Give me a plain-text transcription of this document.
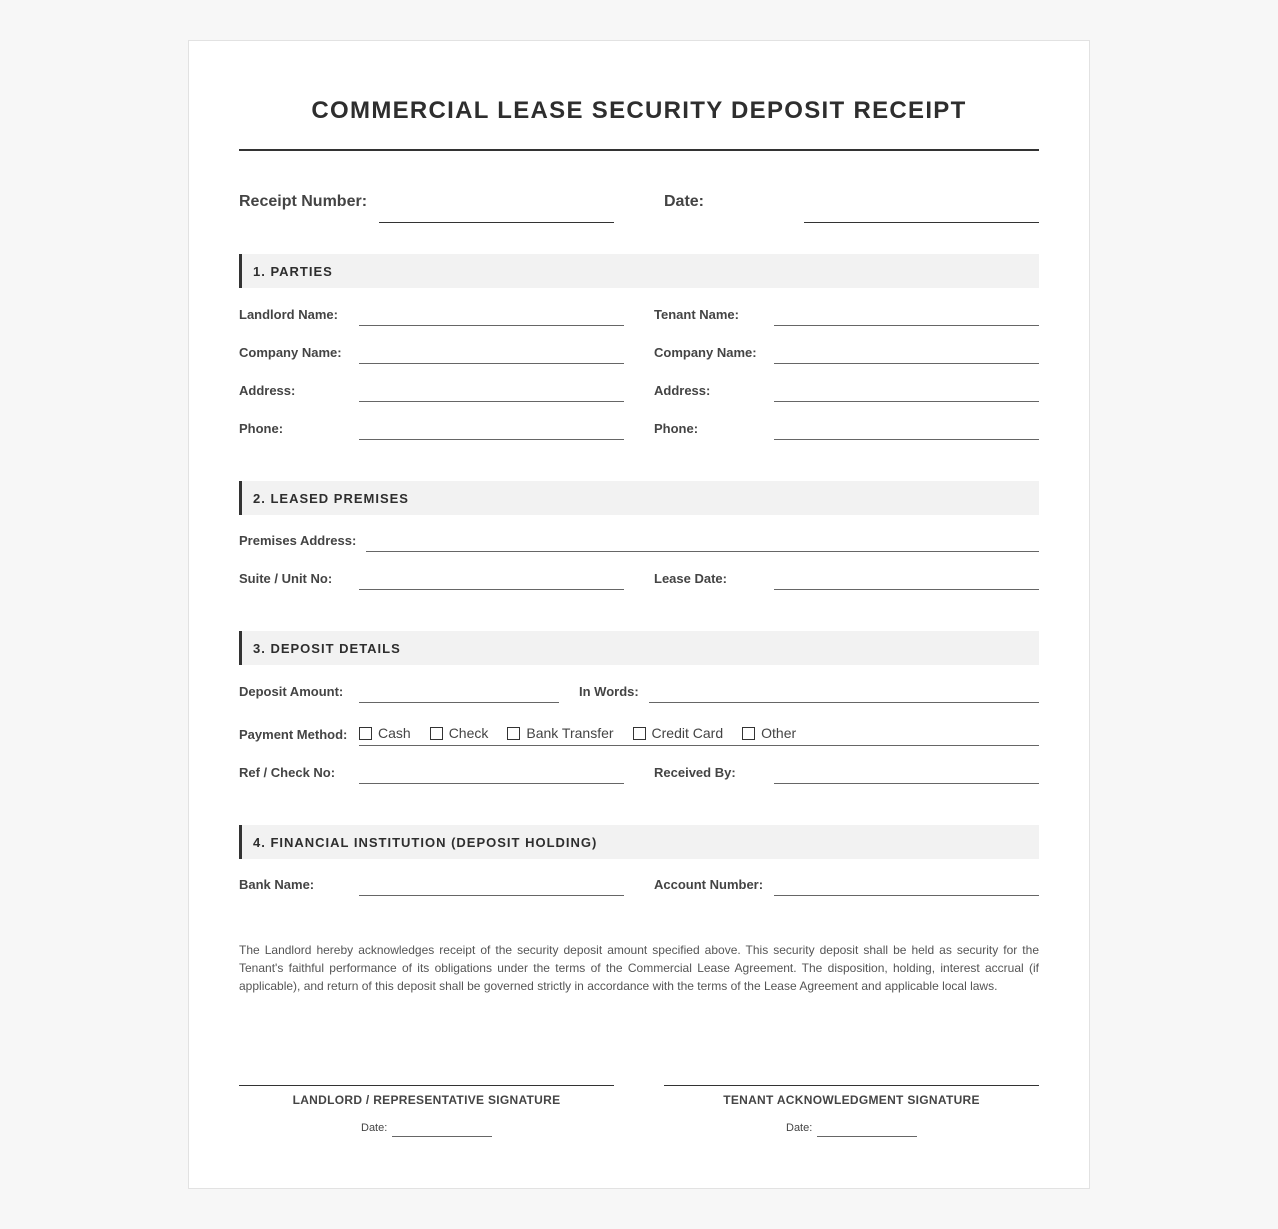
COMMERCIAL LEASE SECURITY DEPOSIT RECEIPT
Receipt Number:	Date:
1. PARTIES
Landlord Name:	Tenant Name:
Company Name:	Company Name:
Address:	Address:
Phone:	Phone:
2. LEASED PREMISES
Premises Address:
Suite / Unit No:	Lease Date:
3. DEPOSIT DETAILS
Deposit Amount:	In Words:
Payment Method: Cash	Check	Bank Transfer	Credit Card	Other
Ref / Check No:	Received By:
4. FINANCIAL INSTITUTION (DEPOSIT HOLDING)
Bank Name:	Account Number:
The Landlord hereby acknowledges receipt of the security deposit amount specified above. This security deposit shall be held as security for the Tenant's faithful performance of its obligations under the terms of the Commercial Lease Agreement. The disposition, holding, interest accrual (if applicable), and return of this deposit shall be governed strictly in accordance with the terms of the Lease Agreement and applicable local laws.
LANDLORD / REPRESENTATIVE SIGNATURE
Date:
TENANT ACKNOWLEDGMENT SIGNATURE
Date:
